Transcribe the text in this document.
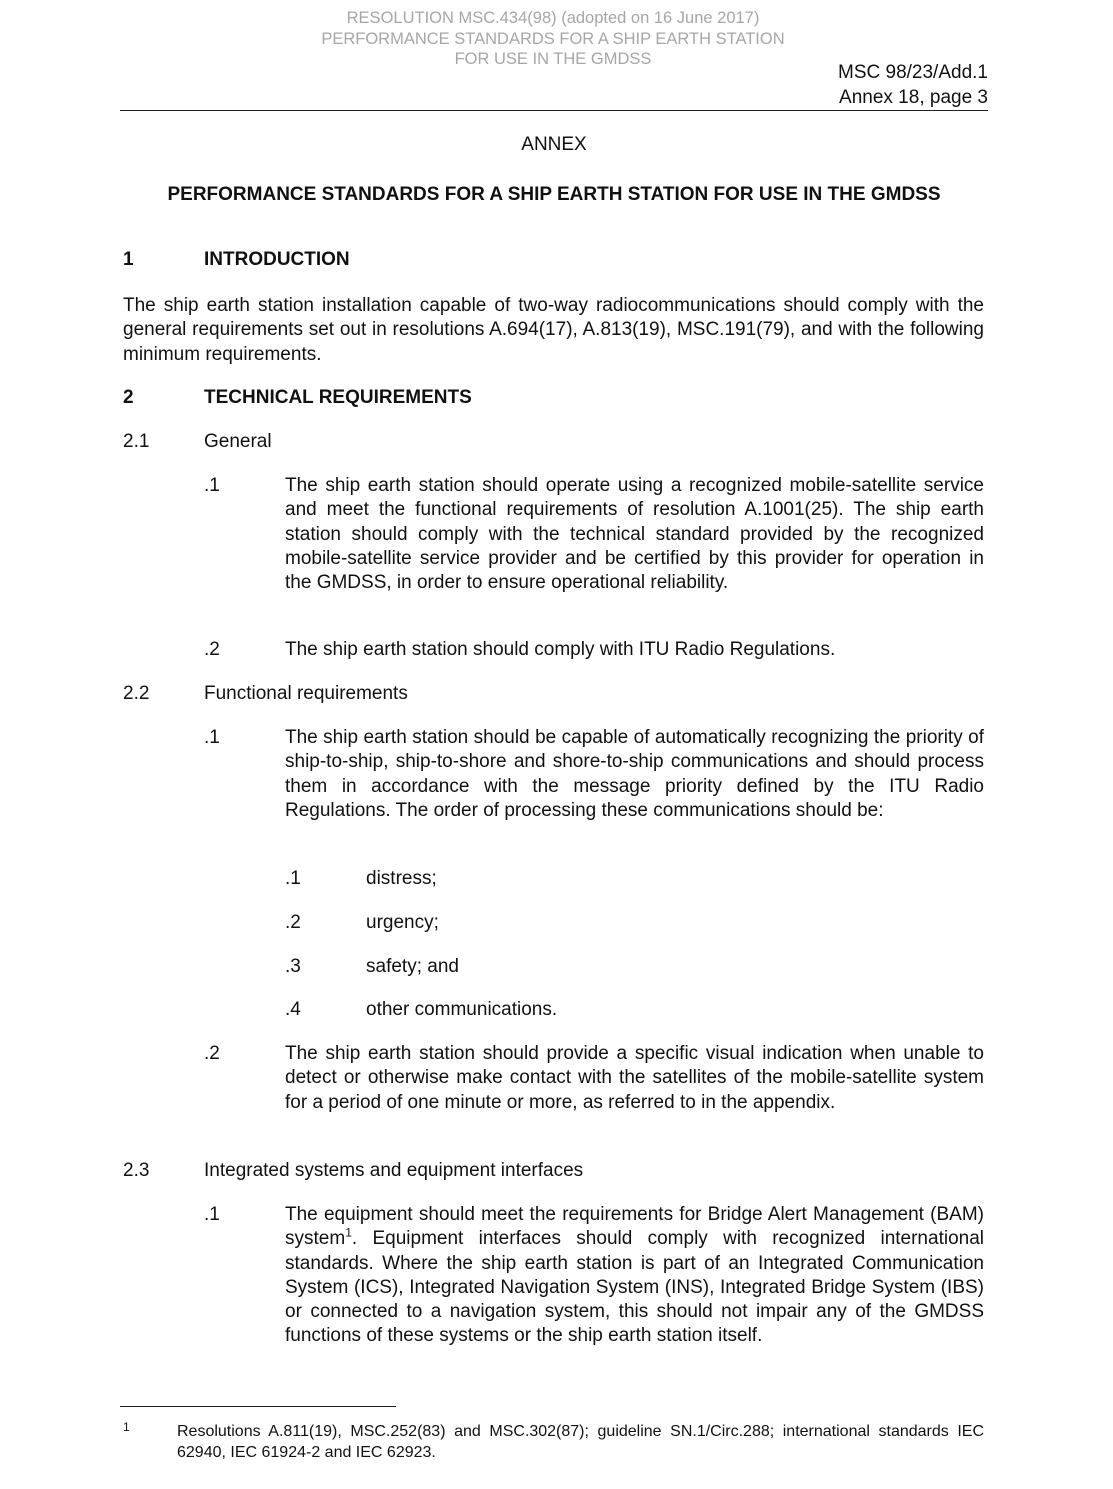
RESOLUTION MSC.434(98) (adopted on 16 June 2017)
PERFORMANCE STANDARDS FOR A SHIP EARTH STATION
FOR USE IN THE GMDSS
MSC 98/23/Add.1
Annex 18, page 3
ANNEX
PERFORMANCE STANDARDS FOR A SHIP EARTH STATION FOR USE IN THE GMDSS
1	INTRODUCTION
The ship earth station installation capable of two-way radiocommunications should comply with the general requirements set out in resolutions A.694(17), A.813(19), MSC.191(79), and with the following minimum requirements.
2	TECHNICAL REQUIREMENTS
2.1	General
.1	The ship earth station should operate using a recognized mobile-satellite service and meet the functional requirements of resolution A.1001(25). The ship earth station should comply with the technical standard provided by the recognized mobile-satellite service provider and be certified by this provider for operation in the GMDSS, in order to ensure operational reliability.
.2	The ship earth station should comply with ITU Radio Regulations.
2.2	Functional requirements
.1	The ship earth station should be capable of automatically recognizing the priority of ship-to-ship, ship-to-shore and shore-to-ship communications and should process them in accordance with the message priority defined by the ITU Radio Regulations. The order of processing these communications should be:
.1	distress;
.2	urgency;
.3	safety; and
.4	other communications.
.2	The ship earth station should provide a specific visual indication when unable to detect or otherwise make contact with the satellites of the mobile-satellite system for a period of one minute or more, as referred to in the appendix.
2.3	Integrated systems and equipment interfaces
.1	The equipment should meet the requirements for Bridge Alert Management (BAM) system$^1$. Equipment interfaces should comply with recognized international standards. Where the ship earth station is part of an Integrated Communication System (ICS), Integrated Navigation System (INS), Integrated Bridge System (IBS) or connected to a navigation system, this should not impair any of the GMDSS functions of these systems or the ship earth station itself.
1	Resolutions A.811(19), MSC.252(83) and MSC.302(87); guideline SN.1/Circ.288; international standards IEC 62940, IEC 61924-2 and IEC 62923.
